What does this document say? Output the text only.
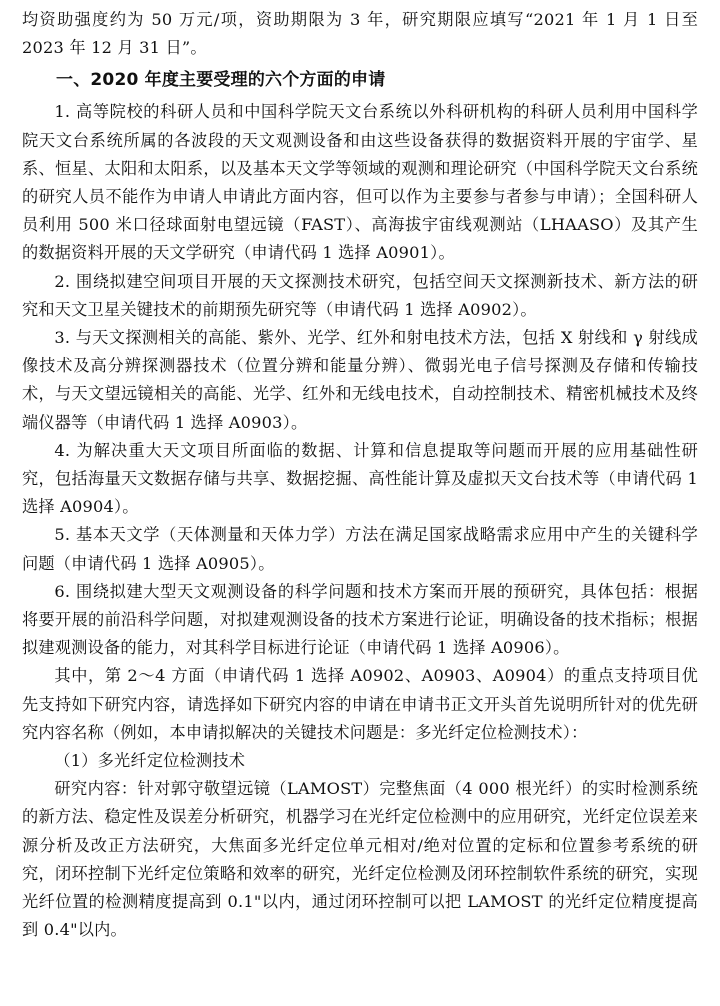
均资助强度约为 50 万元/项，资助期限为 3 年，研究期限应填写“2021 年 1 月 1 日至 2023 年 12 月 31 日”。

一、2020 年度主要受理的六个方面的申请

1. 高等院校的科研人员和中国科学院天文台系统以外科研机构的科研人员利用中国科学院天文台系统所属的各波段的天文观测设备和由这些设备获得的数据资料开展的宇宙学、星系、恒星、太阳和太阳系，以及基本天文学等领域的观测和理论研究（中国科学院天文台系统的研究人员不能作为申请人申请此方面内容，但可以作为主要参与者参与申请）；全国科研人员利用 500 米口径球面射电望远镜（FAST）、高海拔宇宙线观测站（LHAASO）及其产生的数据资料开展的天文学研究（申请代码 1 选择 A0901）。

2. 围绕拟建空间项目开展的天文探测技术研究，包括空间天文探测新技术、新方法的研究和天文卫星关键技术的前期预先研究等（申请代码 1 选择 A0902）。

3. 与天文探测相关的高能、紫外、光学、红外和射电技术方法，包括 X 射线和 γ 射线成像技术及高分辨探测器技术（位置分辨和能量分辨）、微弱光电子信号探测及存储和传输技术，与天文望远镜相关的高能、光学、红外和无线电技术，自动控制技术、精密机械技术及终端仪器等（申请代码 1 选择 A0903）。

4. 为解决重大天文项目所面临的数据、计算和信息提取等问题而开展的应用基础性研究，包括海量天文数据存储与共享、数据挖掘、高性能计算及虚拟天文台技术等（申请代码 1 选择 A0904）。

5. 基本天文学（天体测量和天体力学）方法在满足国家战略需求应用中产生的关键科学问题（申请代码 1 选择 A0905）。

6. 围绕拟建大型天文观测设备的科学问题和技术方案而开展的预研究，具体包括：根据将要开展的前沿科学问题，对拟建观测设备的技术方案进行论证，明确设备的技术指标；根据拟建观测设备的能力，对其科学目标进行论证（申请代码 1 选择 A0906）。

其中，第 2～4 方面（申请代码 1 选择 A0902、A0903、A0904）的重点支持项目优先支持如下研究内容，请选择如下研究内容的申请在申请书正文开头首先说明所针对的优先研究内容名称（例如，本申请拟解决的关键技术问题是：多光纤定位检测技术）：

（1）多光纤定位检测技术

研究内容：针对郭守敬望远镜（LAMOST）完整焦面（4 000 根光纤）的实时检测系统的新方法、稳定性及误差分析研究，机器学习在光纤定位检测中的应用研究，光纤定位误差来源分析及改正方法研究，大焦面多光纤定位单元相对/绝对位置的定标和位置参考系统的研究，闭环控制下光纤定位策略和效率的研究，光纤定位检测及闭环控制软件系统的研究，实现光纤位置的检测精度提高到 0.1"以内，通过闭环控制可以把 LAMOST 的光纤定位精度提高到 0.4"以内。
